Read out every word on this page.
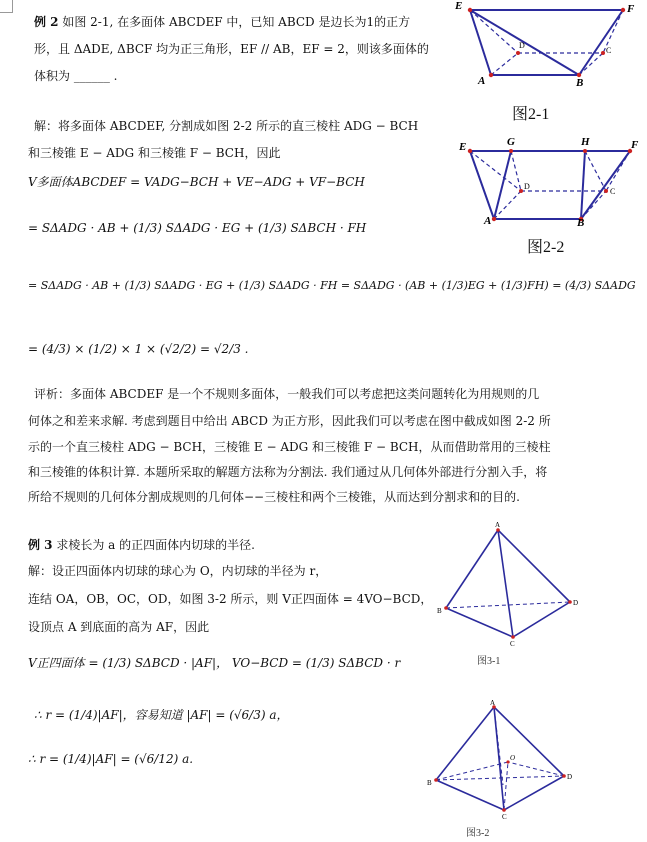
例 2 如图 2-1, 在多面体 ABCDEF 中，已知 ABCD 是边长为1的正方
形，且 ΔADE, ΔBCF 均为正三角形，EF // AB，EF = 2，则该多面体的
体积为 ______ .
E	F
A	B
C
D
图2-1
解：将多面体 ABCDEF, 分割成如图 2-2 所示的直三棱柱 ADG − BCH
和三棱锥 E − ADG 和三棱锥 F − BCH，因此
V多面体ABCDEF = VADG−BCH + VE−ADG + VF−BCH
= SΔADG · AB + (1/3) SΔADG · EG + (1/3) SΔBCH · FH
= SΔADG · AB + (1/3) SΔADG · EG + (1/3) SΔADG · FH = SΔADG · (AB + (1/3)EG + (1/3)FH) = (4/3) SΔADG
= (4/3) × (1/2) × 1 × (√2/2) = √2/3 .
E	G	H	F
A	B
C
D
图2-2
评析：多面体 ABCDEF 是一个不规则多面体，一般我们可以考虑把这类问题转化为用规则的几
何体之和差来求解. 考虑到题目中给出 ABCD 为正方形，因此我们可以考虑在图中截成如图 2-2 所
示的一个直三棱柱 ADG − BCH，三棱锥 E − ADG 和三棱锥 F − BCH，从而借助常用的三棱柱
和三棱锥的体积计算. 本题所采取的解题方法称为分割法. 我们通过从几何体外部进行分割入手，将
所给不规则的几何体分割成规则的几何体−−三棱柱和两个三棱锥，从而达到分割求和的目的.
例 3 求棱长为 a 的正四面体内切球的半径.
解：设正四面体内切球的球心为 O，内切球的半径为 r，
连结 OA，OB，OC，OD，如图 3-2 所示，则 V正四面体 = 4VO−BCD，
设顶点 A 到底面的高为 AF，因此
V正四面体 = (1/3) SΔBCD · |AF|， VO−BCD = (1/3) SΔBCD · r
∴ r = (1/4)|AF|，容易知道 |AF| = (√6/3) a，
∴ r = (1/4)|AF| = (√6/12) a.
A
B
C
D
图3-1
A
B
C
D
O
图3-2
